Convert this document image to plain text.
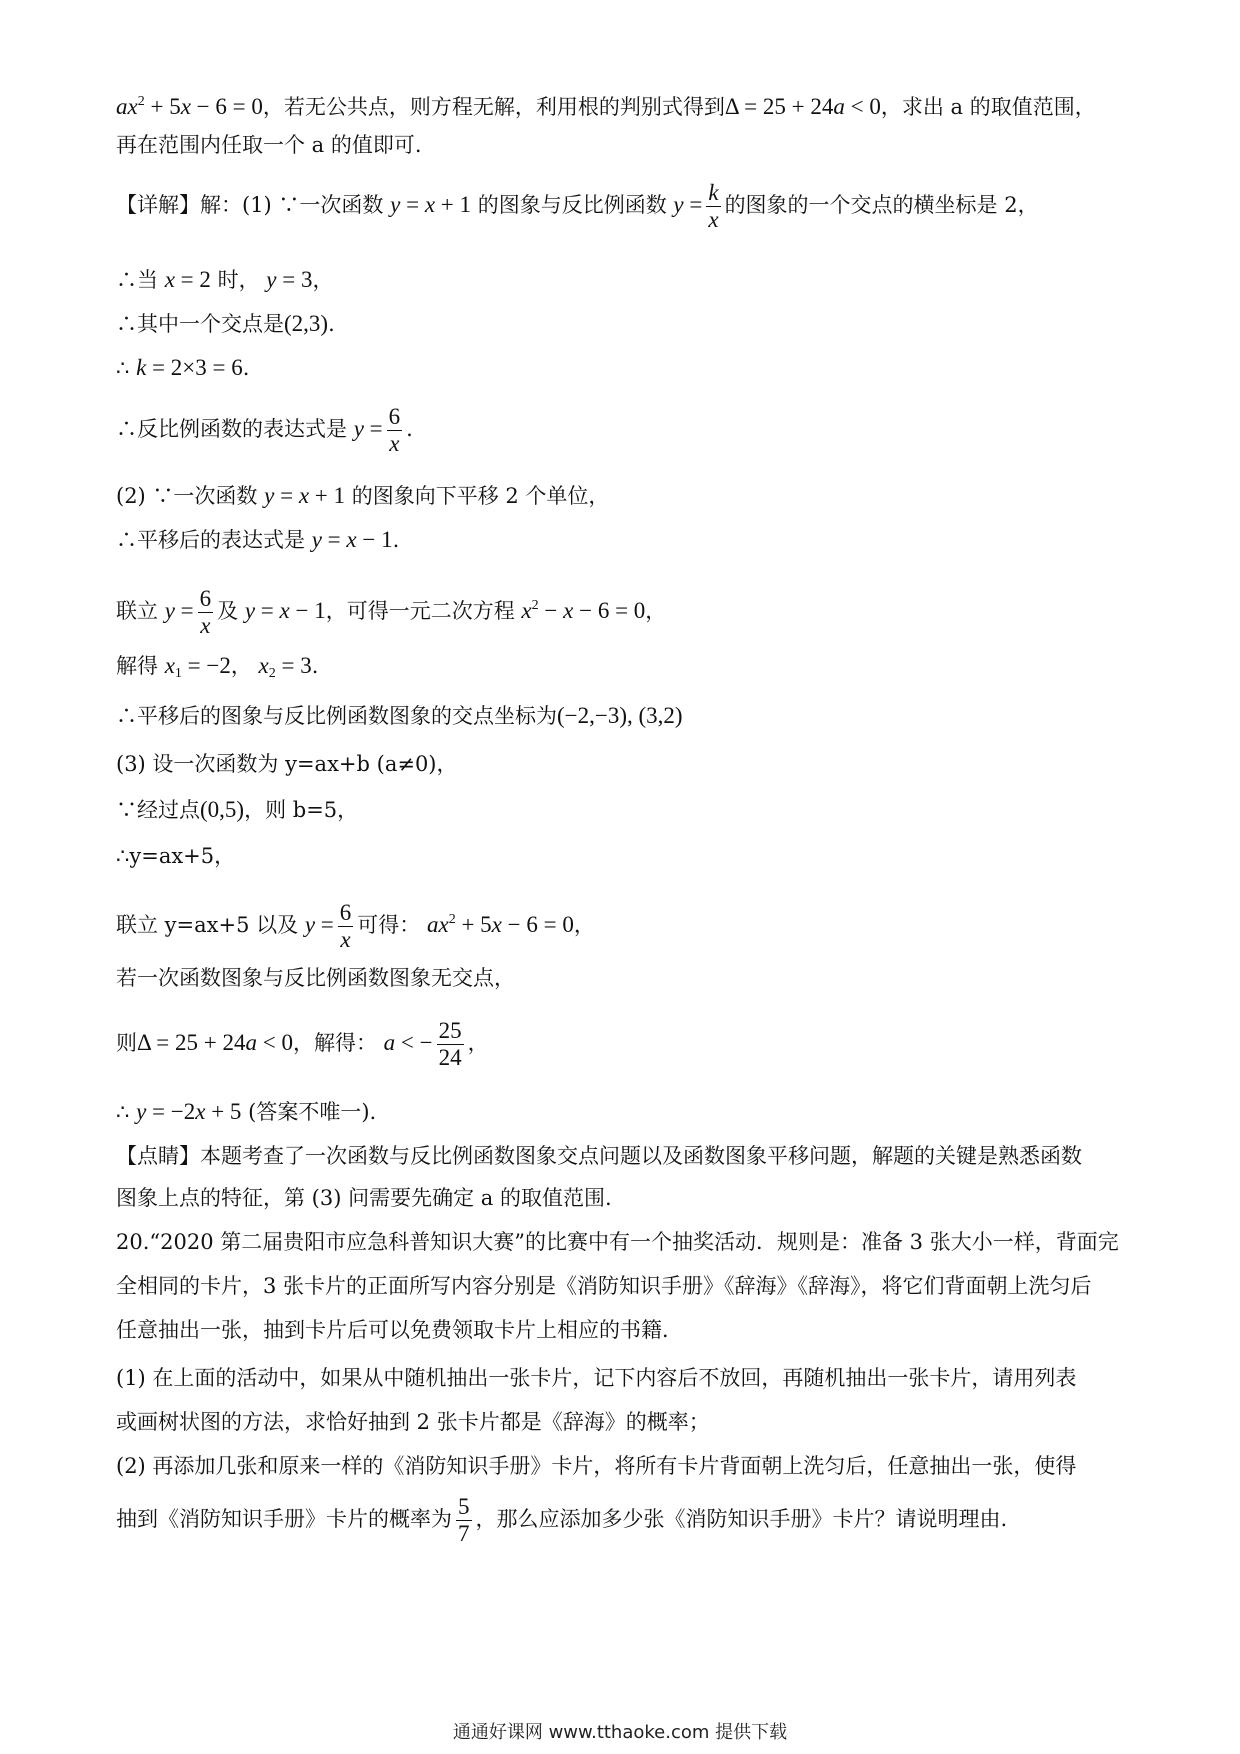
$ax^2 + 5x - 6 = 0$，若无公共点，则方程无解，利用根的判别式得到Δ = 25 + 24a < 0，求出 a 的取值范围，
再在范围内任取一个 a 的值即可.
【详解】解：(1) ∵一次函数 y = x + 1 的图象与反比例函数 $y = \frac{k}{x}$ 的图象的一个交点的横坐标是 2，
∴当 x = 2 时， y = 3，
∴其中一个交点是(2,3).
∴ k = 2×3 = 6.
∴反比例函数的表达式是 $y = \frac{6}{x}$ .
(2) ∵一次函数 y = x + 1 的图象向下平移 2 个单位，
∴平移后的表达式是 y = x − 1.
联立 $y = \frac{6}{x}$ 及 y = x − 1，可得一元二次方程 $x^2 - x - 6 = 0$，
解得 $x_1 = -2$， $x_2 = 3$.
∴平移后的图象与反比例函数图象的交点坐标为(−2,−3), (3,2)
(3) 设一次函数为 y=ax+b (a≠0)，
∵经过点(0,5)，则 b=5，
∴y=ax+5，
联立 y=ax+5 以及 $y = \frac{6}{x}$ 可得： $ax^2 + 5x - 6 = 0$，
若一次函数图象与反比例函数图象无交点，
则Δ = 25 + 24a < 0，解得： a < − $\frac{25}{24}$ ，
∴ y = −2x + 5 (答案不唯一).
【点睛】本题考查了一次函数与反比例函数图象交点问题以及函数图象平移问题，解题的关键是熟悉函数
图象上点的特征，第 (3) 问需要先确定 a 的取值范围.
20.“2020 第二届贵阳市应急科普知识大赛”的比赛中有一个抽奖活动．规则是：准备 3 张大小一样，背面完
全相同的卡片，3 张卡片的正面所写内容分别是《消防知识手册》《辞海》《辞海》，将它们背面朝上洗匀后
任意抽出一张，抽到卡片后可以免费领取卡片上相应的书籍．
(1) 在上面的活动中，如果从中随机抽出一张卡片，记下内容后不放回，再随机抽出一张卡片，请用列表
或画树状图的方法，求恰好抽到 2 张卡片都是《辞海》的概率；
(2) 再添加几张和原来一样的《消防知识手册》卡片，将所有卡片背面朝上洗匀后，任意抽出一张，使得
抽到《消防知识手册》卡片的概率为 $\frac{5}{7}$ ，那么应添加多少张《消防知识手册》卡片？请说明理由.
通通好课网 www.tthaoke.com 提供下载
